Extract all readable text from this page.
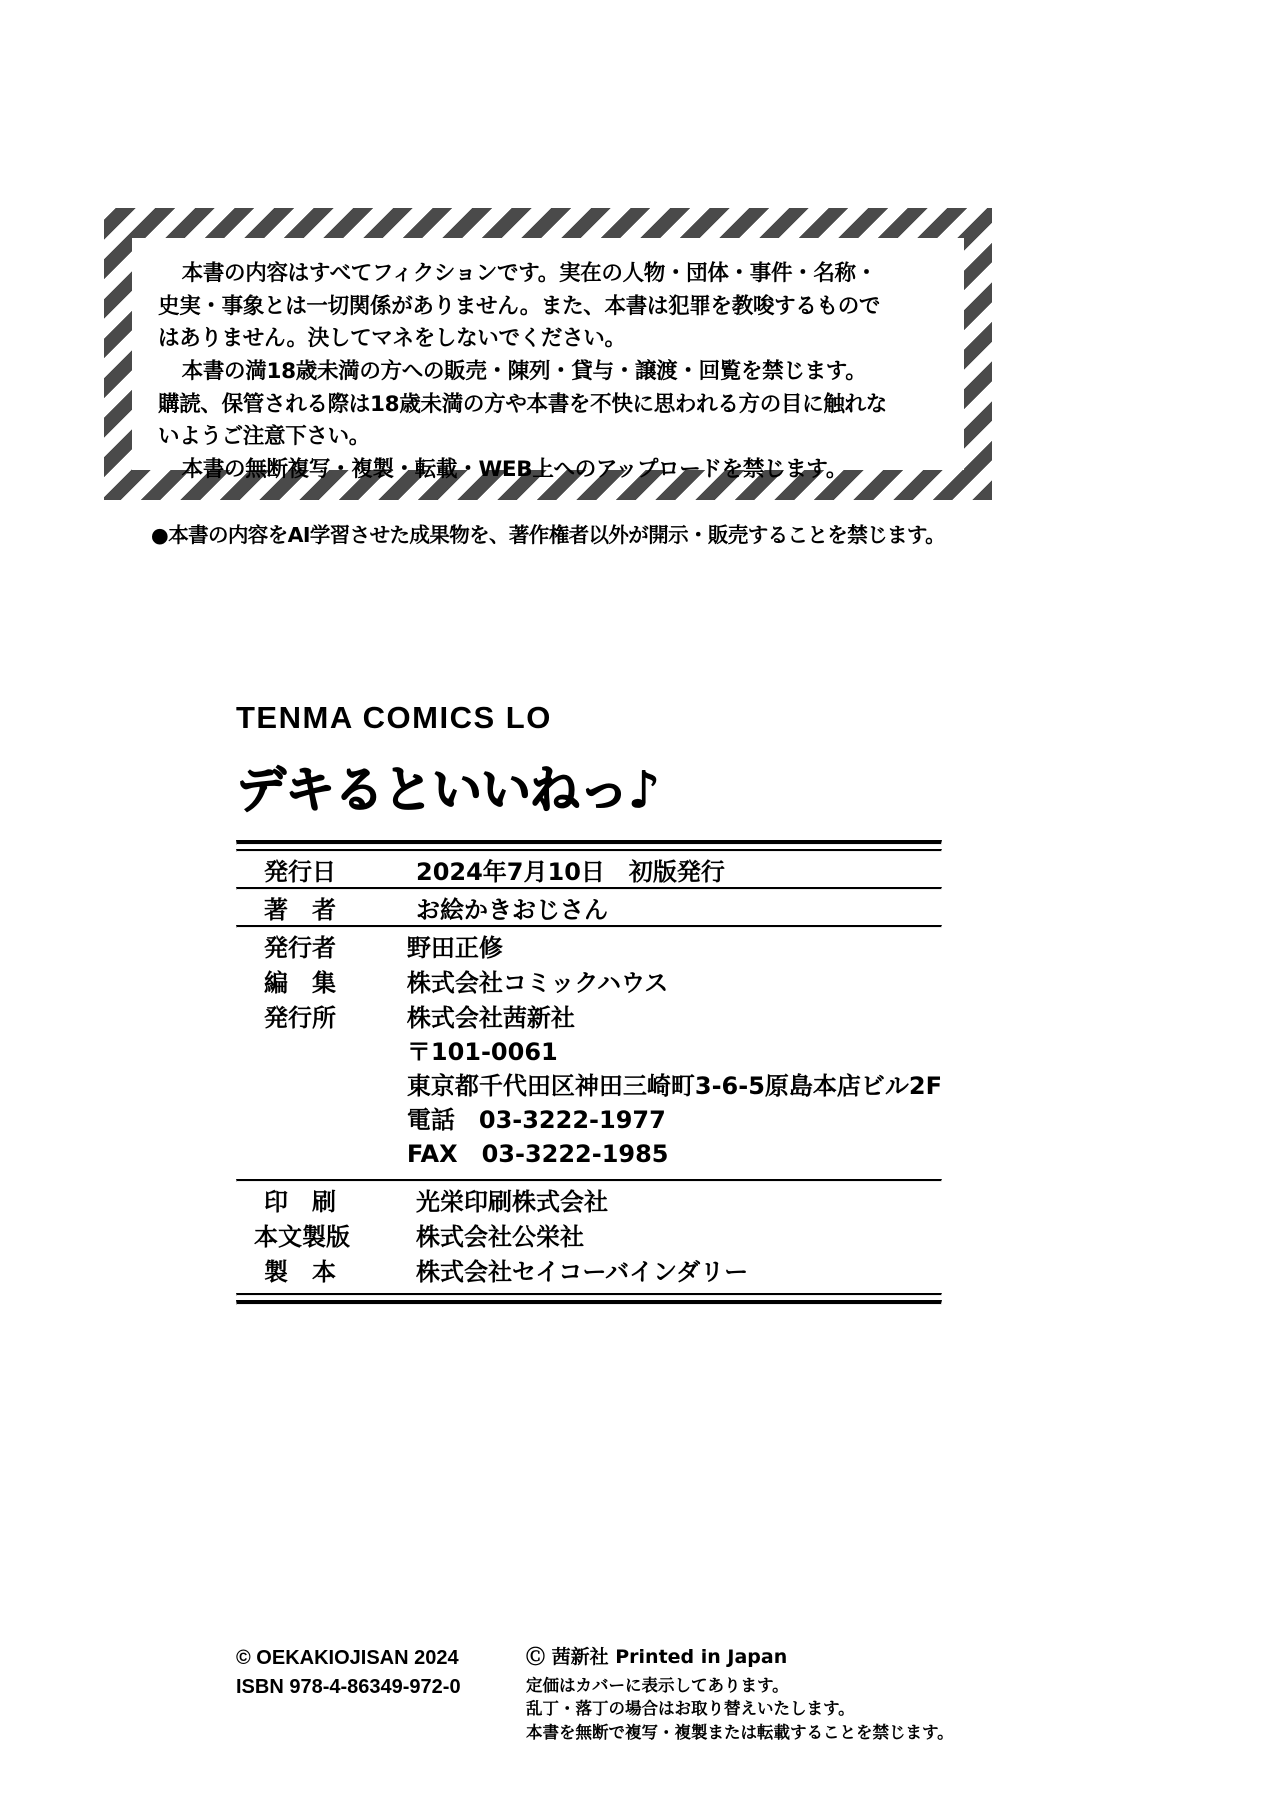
本書の内容はすべてフィクションです。実在の人物・団体・事件・名称・
史実・事象とは一切関係がありません。また、本書は犯罪を教唆するもので
はありません。決してマネをしないでください。
本書の満18歳未満の方への販売・陳列・貸与・譲渡・回覧を禁じます。
購読、保管される際は18歳未満の方や本書を不快に思われる方の目に触れな
いようご注意下さい。
本書の無断複写・複製・転載・WEB上へのアップロードを禁じます。
●本書の内容をAI学習させた成果物を、著作権者以外が開示・販売することを禁じます。
TENMA COMICS LO
デキるといいねっ♪
発行日	2024年7月10日　初版発行
著　者	お絵かきおじさん
発行者	野田正修
編　集	株式会社コミックハウス
発行所	株式会社茜新社
〒101-0061
東京都千代田区神田三崎町3-6-5原島本店ビル2F
電話　03-3222-1977
FAX　03-3222-1985
印　刷	光栄印刷株式会社
本文製版	株式会社公栄社
製　本	株式会社セイコーバインダリー
© OEKAKIOJISAN 2024
ISBN 978-4-86349-972-0
Ⓒ 茜新社 Printed in Japan
定価はカバーに表示してあります。
乱丁・落丁の場合はお取り替えいたします。
本書を無断で複写・複製または転載することを禁じます。
